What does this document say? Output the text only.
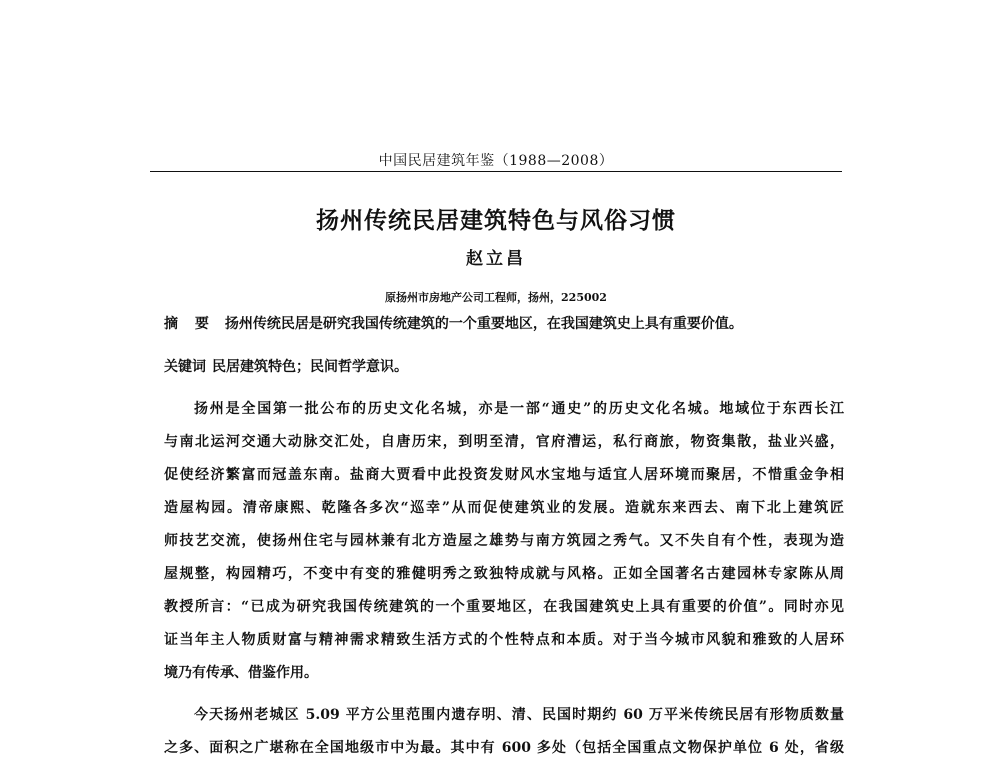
中国民居建筑年鉴（1988—2008）
扬州传统民居建筑特色与风俗习惯
赵立昌
原扬州市房地产公司工程师，扬州，225002
摘 要 扬州传统民居是研究我国传统建筑的一个重要地区，在我国建筑史上具有重要价值。
关键词 民居建筑特色；民间哲学意识。
扬州是全国第一批公布的历史文化名城，亦是一部“通史”的历史文化名城。地域位于东西长江
与南北运河交通大动脉交汇处，自唐历宋，到明至清，官府漕运，私行商旅，物资集散，盐业兴盛，
促使经济繁富而冠盖东南。盐商大贾看中此投资发财风水宝地与适宜人居环境而聚居，不惜重金争相
造屋构园。清帝康熙、乾隆各多次“巡幸”从而促使建筑业的发展。造就东来西去、南下北上建筑匠
师技艺交流，使扬州住宅与园林兼有北方造屋之雄势与南方筑园之秀气。又不失自有个性，表现为造
屋规整，构园精巧，不变中有变的雅健明秀之致独特成就与风格。正如全国著名古建园林专家陈从周
教授所言：“已成为研究我国传统建筑的一个重要地区，在我国建筑史上具有重要的价值”。同时亦见
证当年主人物质财富与精神需求精致生活方式的个性特点和本质。对于当今城市风貌和雅致的人居环
境乃有传承、借鉴作用。
今天扬州老城区 5.09 平方公里范围内遗存明、清、民国时期约 60 万平米传统民居有形物质数量
之多、面积之广堪称在全国地级市中为最。其中有 600 多处（包括全国重点文物保护单位 6 处，省级
